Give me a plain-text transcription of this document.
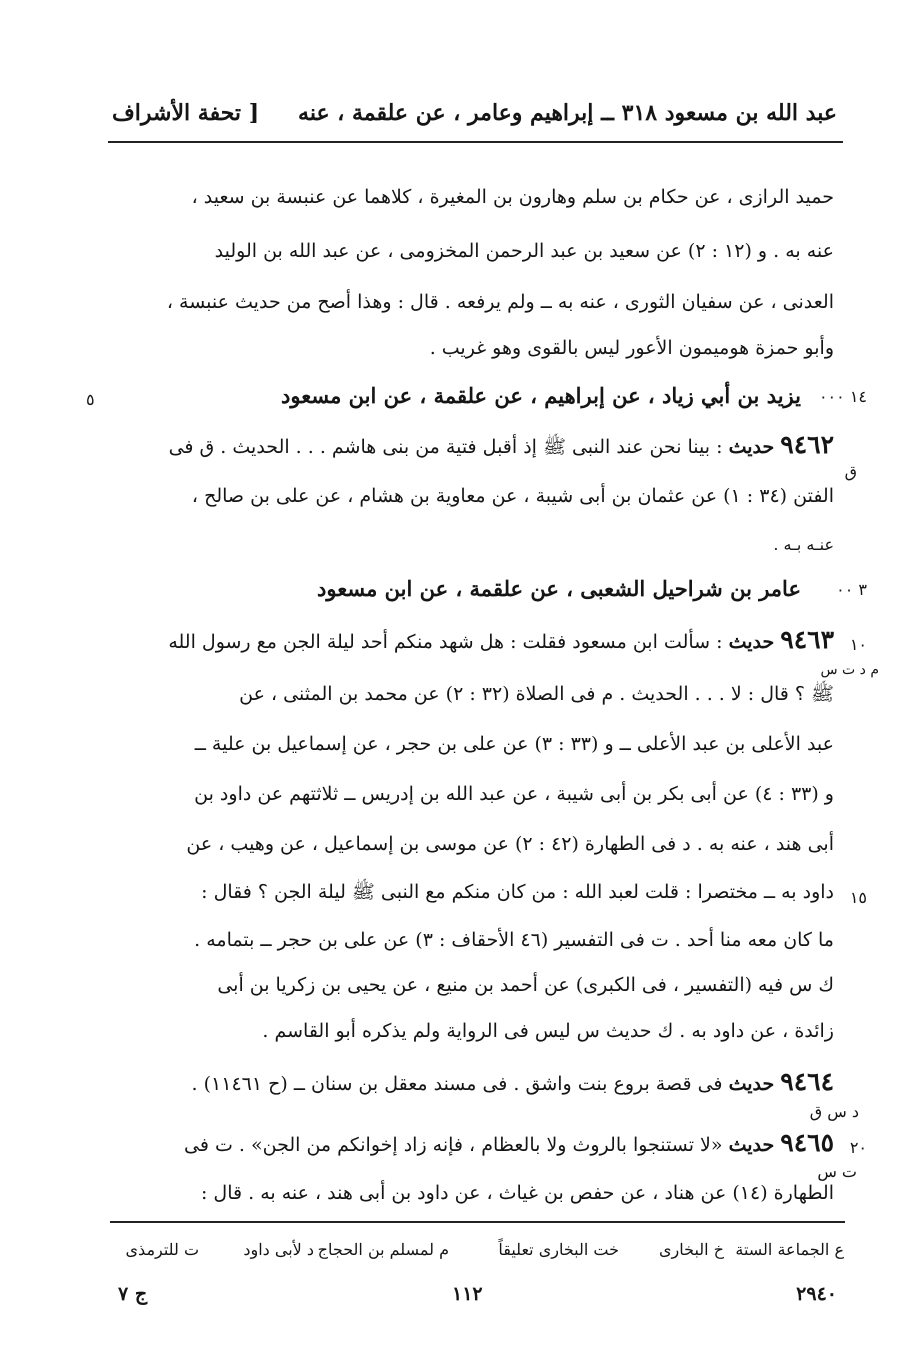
عبد الله بن مسعود ٣١٨ ــ إبراهيم وعامر ، عن علقمة ، عنه
[ تحفة الأشراف
حميد الرازى ، عن حكام بن سلم وهارون بن المغيرة ، كلاهما عن عنبسة بن سعيد ،
عنه به . و (١٢ : ٢) عن سعيد بن عبد الرحمن المخزومى ، عن عبد الله بن الوليد
العدنى ، عن سفيان الثورى ، عنه به ــ ولم يرفعه . قال : وهذا أصح من حديث عنبسة ،
وأبو حمزة هوميمون الأعور ليس بالقوى وهو غريب .
١٤ ٠٠٠
يزيد بن أبي زياد ، عن إبراهيم ، عن علقمة ، عن ابن مسعود
٥
٩٤٦٢ حديث : بينا نحن عند النبى ﷺ إذ أقبل فتية من بنى هاشم . . . الحديث . ق فى
ق
الفتن (٣٤ : ١) عن عثمان بن أبى شيبة ، عن معاوية بن هشام ، عن على بن صالح ،
عنـه بـه .
٣ ٠٠
عامر بن شراحيل الشعبى ، عن علقمة ، عن ابن مسعود
١٠
٩٤٦٣ حديث : سألت ابن مسعود فقلت : هل شهد منكم أحد ليلة الجن مع رسول الله
م د ت س
ﷺ ؟ قال : لا . . . الحديث . م فى الصلاة (٣٢ : ٢) عن محمد بن المثنى ، عن
عبد الأعلى بن عبد الأعلى ــ و (٣٣ : ٣) عن على بن حجر ، عن إسماعيل بن علية ــ
و (٣٣ : ٤) عن أبى بكر بن أبى شيبة ، عن عبد الله بن إدريس ــ ثلاثتهم عن داود بن
أبى هند ، عنه به . د فى الطهارة (٤٢ : ٢) عن موسى بن إسماعيل ، عن وهيب ، عن
داود به ــ مختصرا : قلت لعبد الله : من كان منكم مع النبى ﷺ ليلة الجن ؟ فقال : ١٥
ما كان معه منا أحد . ت فى التفسير (٤٦ الأحقاف : ٣) عن على بن حجر ــ بتمامه .
ك س فيه (التفسير ، فى الكبرى) عن أحمد بن منيع ، عن يحيى بن زكريا بن أبى
زائدة ، عن داود به . ك حديث س ليس فى الرواية ولم يذكره أبو القاسم .
٩٤٦٤ حديث فى قصة بروع بنت واشق . فى مسند معقل بن سنان ــ (ح ١١٤٦١) .
د س ق
٩٤٦٥ حديث «لا تستنجوا بالروث ولا بالعظام ، فإنه زاد إخوانكم من الجن» . ت فى	٢٠
ت س
الطهارة (١٤) عن هناد ، عن حفص بن غياث ، عن داود بن أبى هند ، عنه به . قال :
ع الجماعة الستة
خ البخارى
خت البخارى تعليقاً
م لمسلم بن الحجاج
د لأبى داود
ت للترمذى
٢٩٤٠
١١٢
ج ٧
